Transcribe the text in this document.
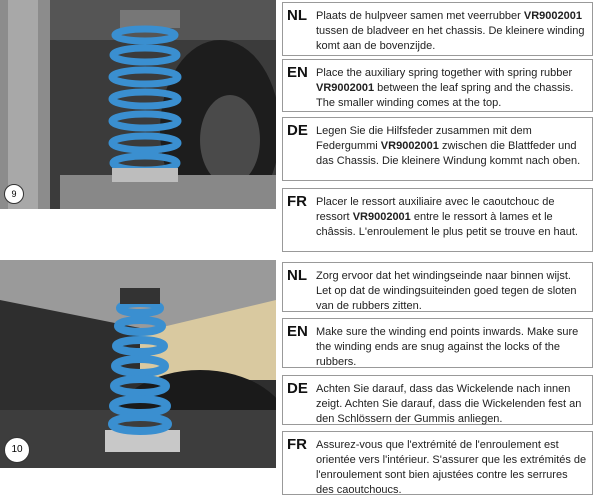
9
10
NL Plaats de hulpveer samen met veerrubber VR9002001 tussen de bladveer en het chassis. De kleinere winding komt aan de bovenzijde.
EN Place the auxiliary spring together with spring rubber VR9002001 between the leaf spring and the chassis. The smaller winding comes at the top.
DE Legen Sie die Hilfsfeder zusammen mit dem Federgummi VR9002001 zwischen die Blattfeder und das Chassis. Die kleinere Windung kommt nach oben.
FR Placer le ressort auxiliaire avec le caoutchouc de ressort VR9002001 entre le ressort à lames et le châssis. L'enroulement le plus petit se trouve en haut.
NL Zorg ervoor dat het windingseinde naar binnen wijst. Let op dat de windingsuiteinden goed tegen de sloten van de rubbers zitten.
EN Make sure the winding end points inwards. Make sure the winding ends are snug against the locks of the rubbers.
DE Achten Sie darauf, dass das Wickelende nach innen zeigt. Achten Sie darauf, dass die Wickelenden fest an den Schlössern der Gummis anliegen.
FR Assurez-vous que l'extrémité de l'enroulement est orientée vers l'intérieur. S'assurer que les extrémités de l'enroulement sont bien ajustées contre les serrures des caoutchoucs.
